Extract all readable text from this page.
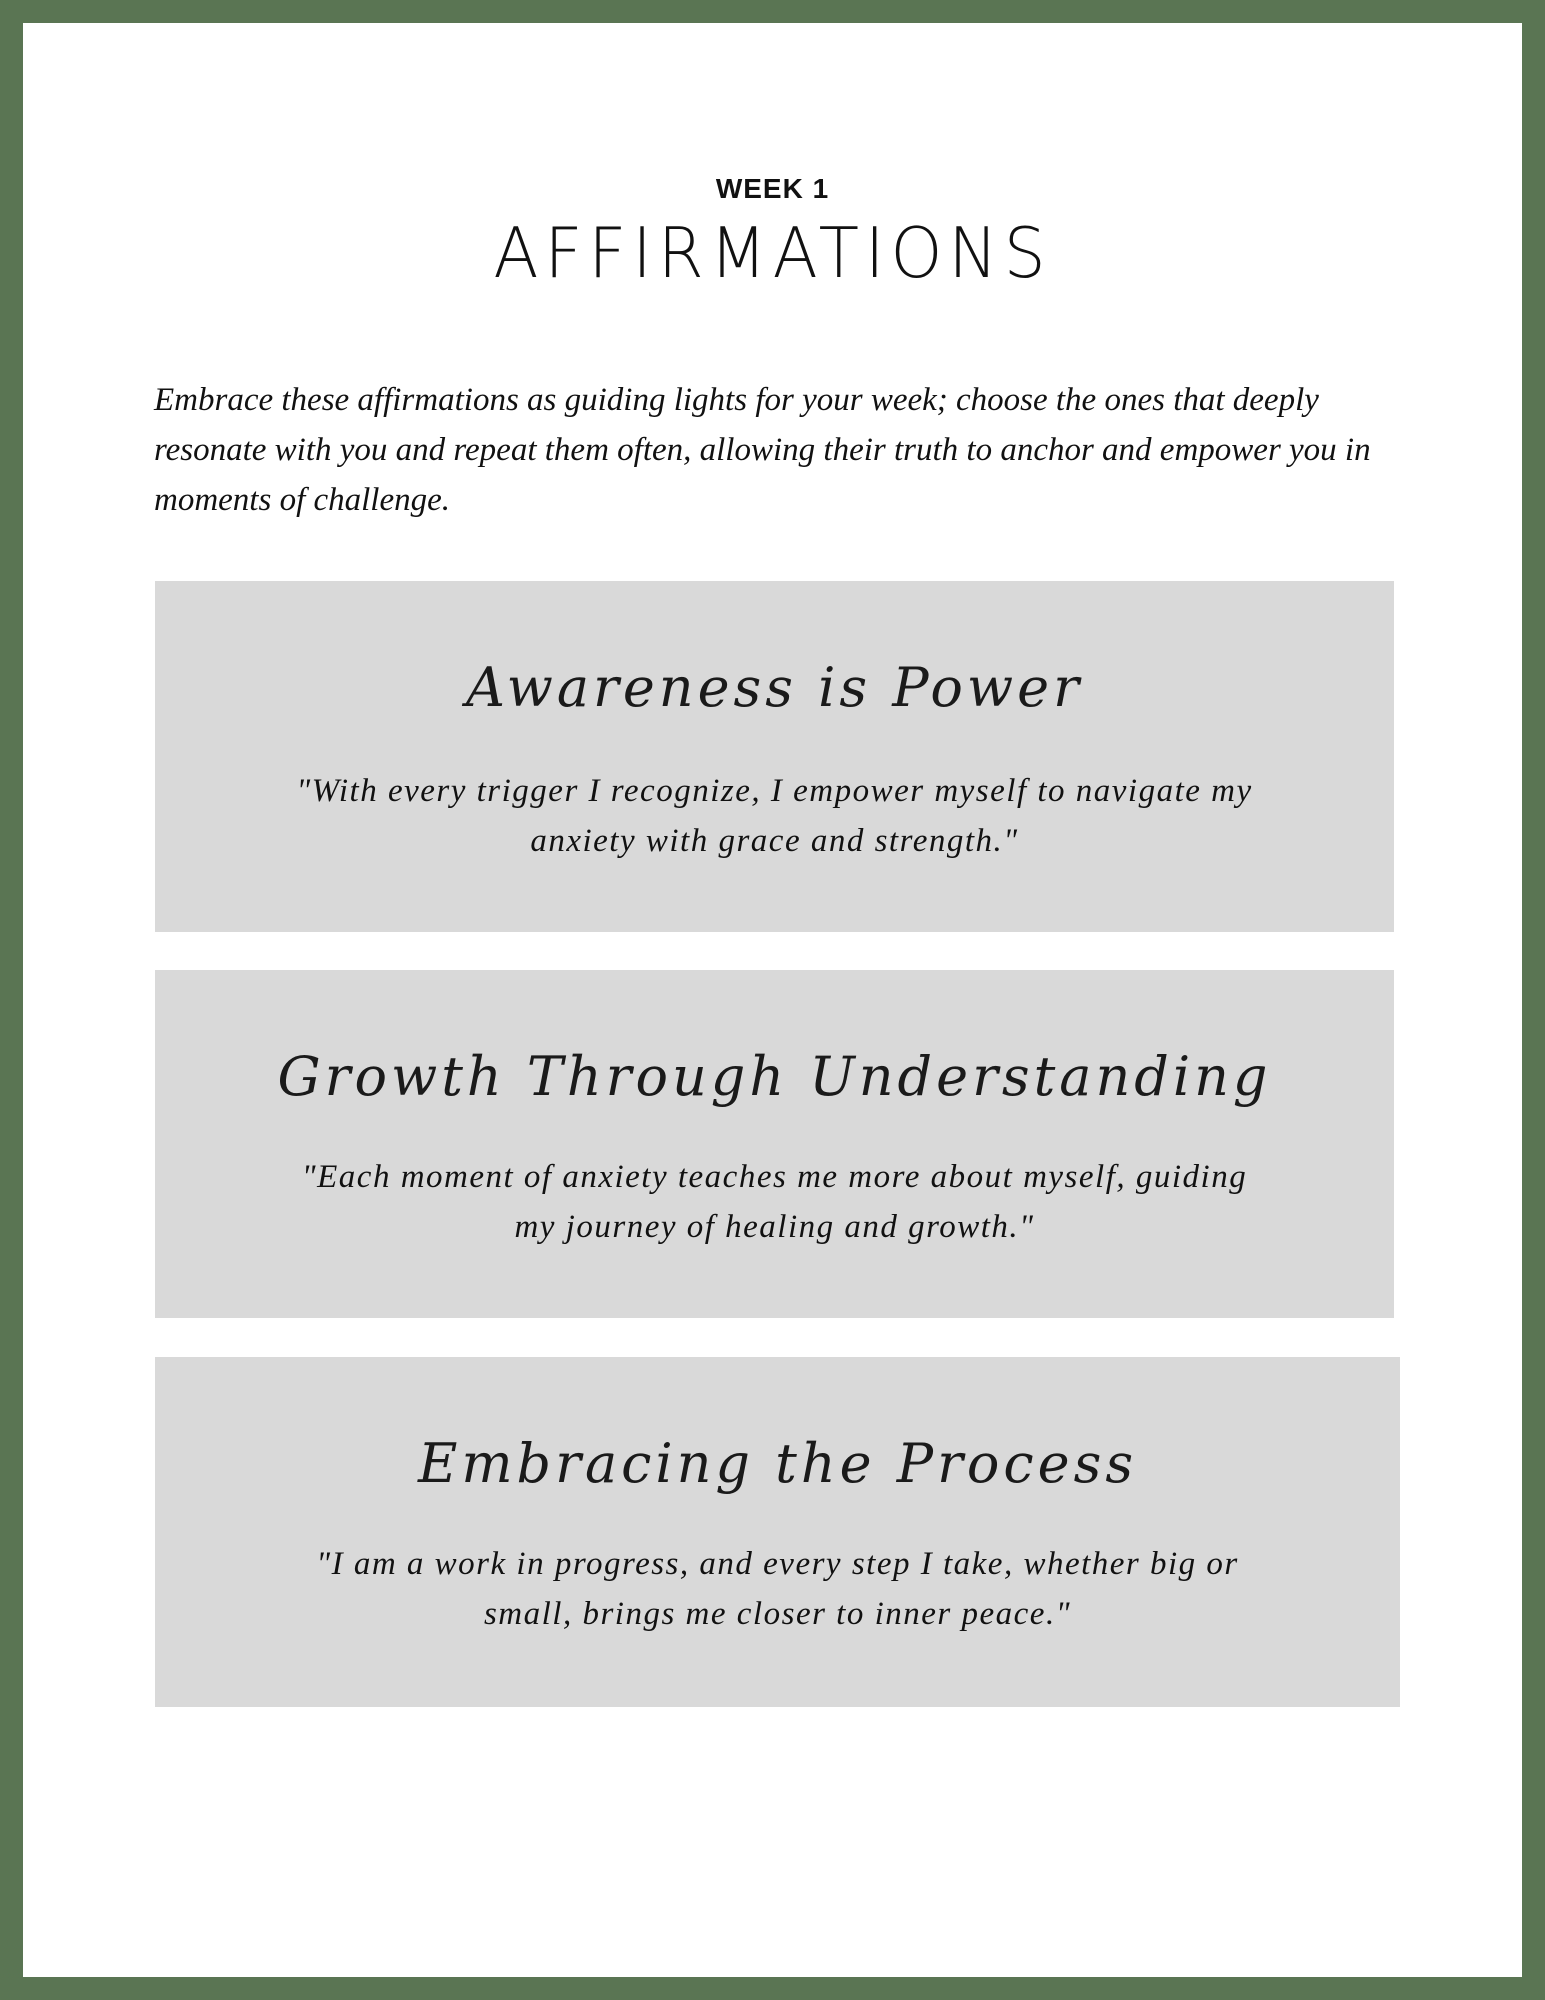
WEEK 1
AFFIRMATIONS
Embrace these affirmations as guiding lights for your week; choose the ones that deeply resonate with you and repeat them often, allowing their truth to anchor and empower you in moments of challenge.
Awareness is Power
"With every trigger I recognize, I empower myself to navigate my anxiety with grace and strength."
Growth Through Understanding
"Each moment of anxiety teaches me more about myself, guiding my journey of healing and growth."
Embracing the Process
"I am a work in progress, and every step I take, whether big or small, brings me closer to inner peace."
